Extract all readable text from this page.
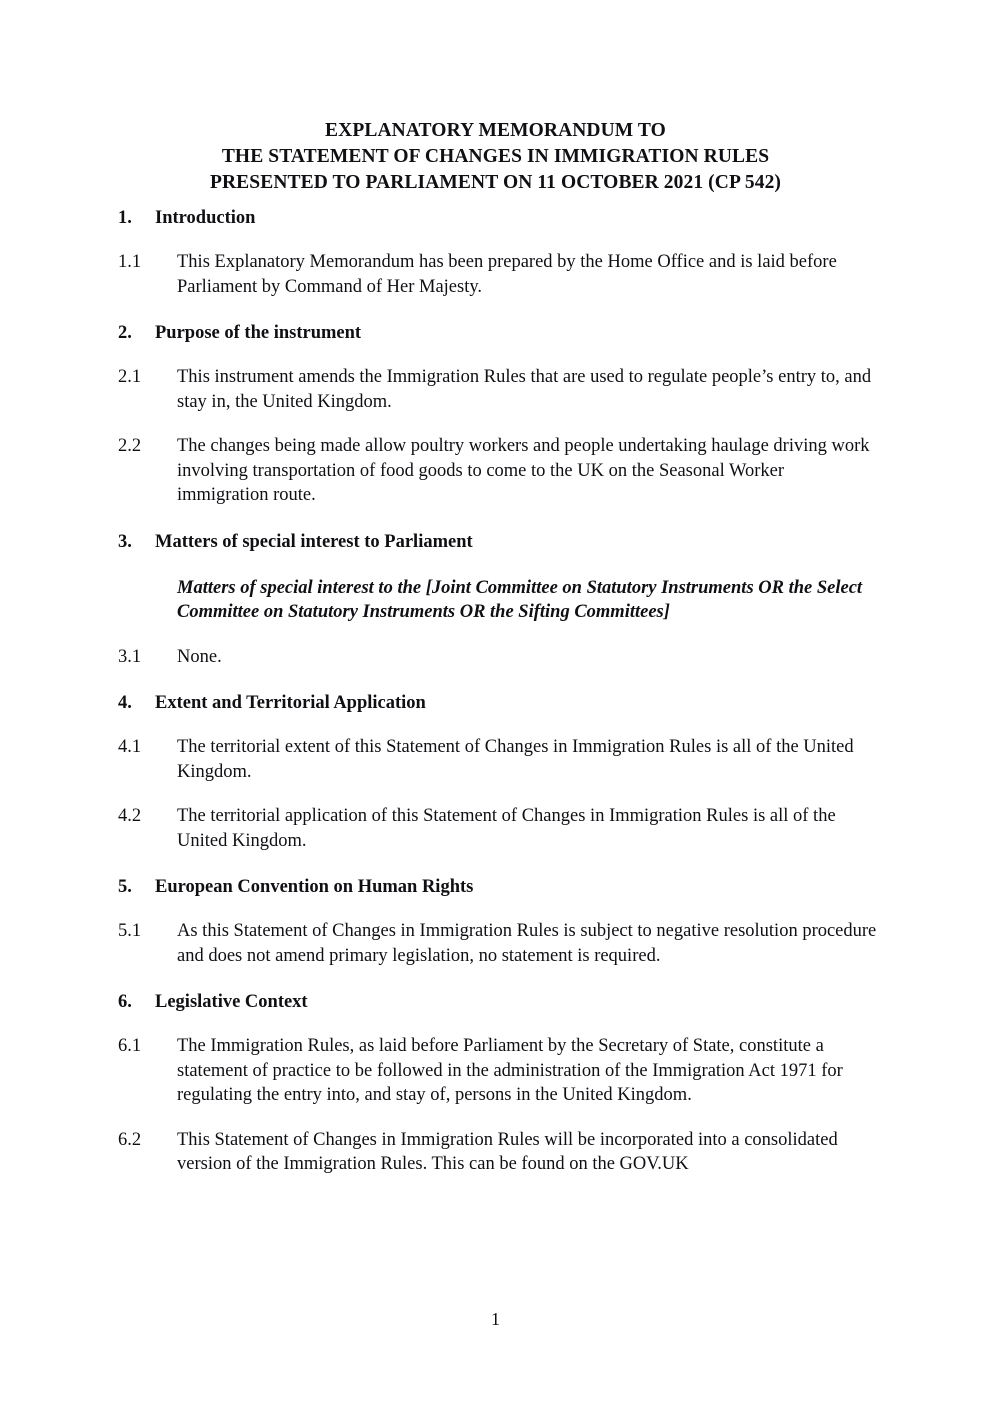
EXPLANATORY MEMORANDUM TO
THE STATEMENT OF CHANGES IN IMMIGRATION RULES
PRESENTED TO PARLIAMENT ON 11 OCTOBER 2021 (CP 542)
1.	Introduction
1.1	This Explanatory Memorandum has been prepared by the Home Office and is laid before Parliament by Command of Her Majesty.
2.	Purpose of the instrument
2.1	This instrument amends the Immigration Rules that are used to regulate people’s entry to, and stay in, the United Kingdom.
2.2	The changes being made allow poultry workers and people undertaking haulage driving work involving transportation of food goods to come to the UK on the Seasonal Worker immigration route.
3.	Matters of special interest to Parliament
Matters of special interest to the [Joint Committee on Statutory Instruments OR the Select Committee on Statutory Instruments OR the Sifting Committees]
3.1	None.
4.	Extent and Territorial Application
4.1	The territorial extent of this Statement of Changes in Immigration Rules is all of the United Kingdom.
4.2	The territorial application of this Statement of Changes in Immigration Rules is all of the United Kingdom.
5.	European Convention on Human Rights
5.1	As this Statement of Changes in Immigration Rules is subject to negative resolution procedure and does not amend primary legislation, no statement is required.
6.	Legislative Context
6.1	The Immigration Rules, as laid before Parliament by the Secretary of State, constitute a statement of practice to be followed in the administration of the Immigration Act 1971 for regulating the entry into, and stay of, persons in the United Kingdom.
6.2	This Statement of Changes in Immigration Rules will be incorporated into a consolidated version of the Immigration Rules. This can be found on the GOV.UK
1
